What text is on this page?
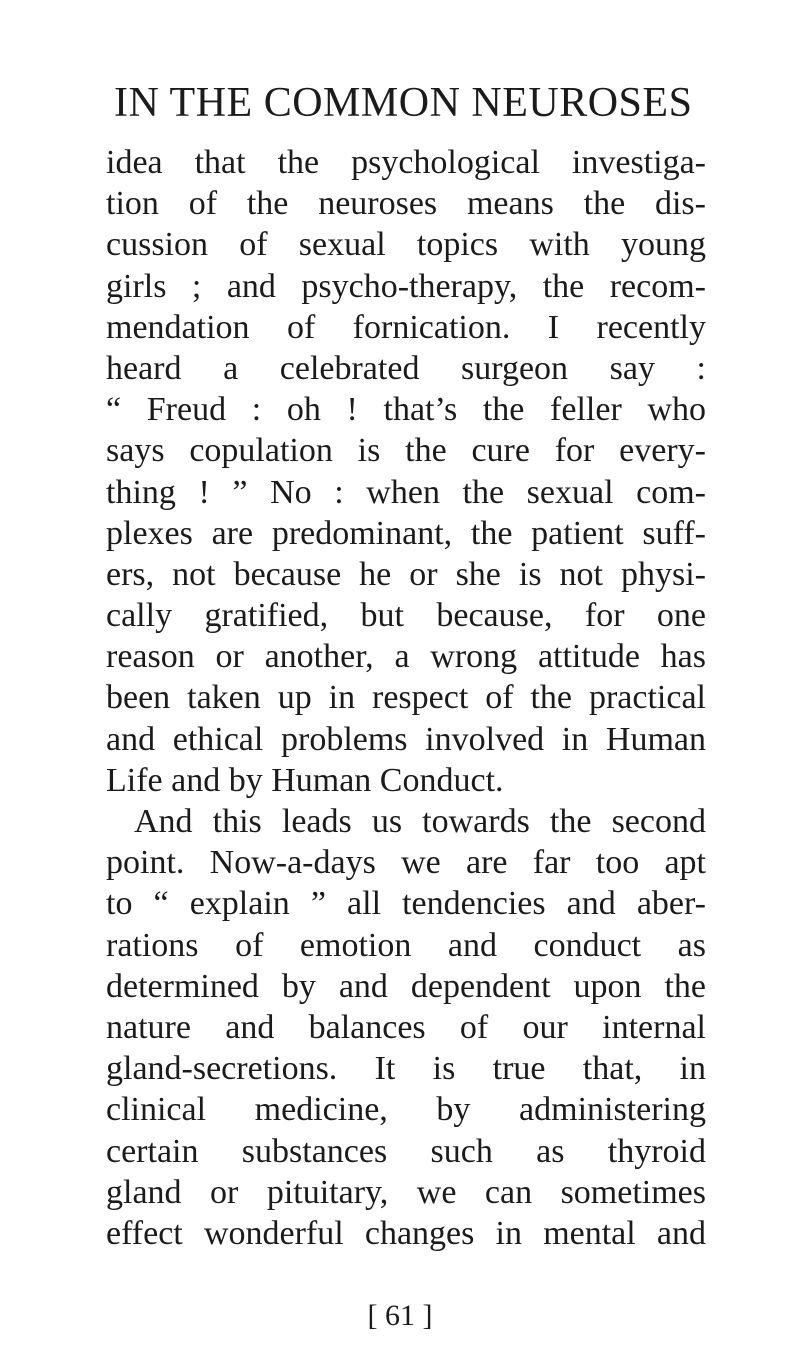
IN THE COMMON NEUROSES
idea that the psychological investiga-
tion of the neuroses means the dis-
cussion of sexual topics with young
girls ; and psycho-therapy, the recom-
mendation of fornication. I recently
heard a celebrated surgeon say :
“ Freud : oh ! that’s the feller who
says copulation is the cure for every-
thing ! ” No : when the sexual com-
plexes are predominant, the patient suff-
ers, not because he or she is not physi-
cally gratified, but because, for one
reason or another, a wrong attitude has
been taken up in respect of the practical
and ethical problems involved in Human
Life and by Human Conduct.
And this leads us towards the second
point. Now-a-days we are far too apt
to “ explain ” all tendencies and aber-
rations of emotion and conduct as
determined by and dependent upon the
nature and balances of our internal
gland-secretions. It is true that, in
clinical medicine, by administering
certain substances such as thyroid
gland or pituitary, we can sometimes
effect wonderful changes in mental and
[ 61 ]
